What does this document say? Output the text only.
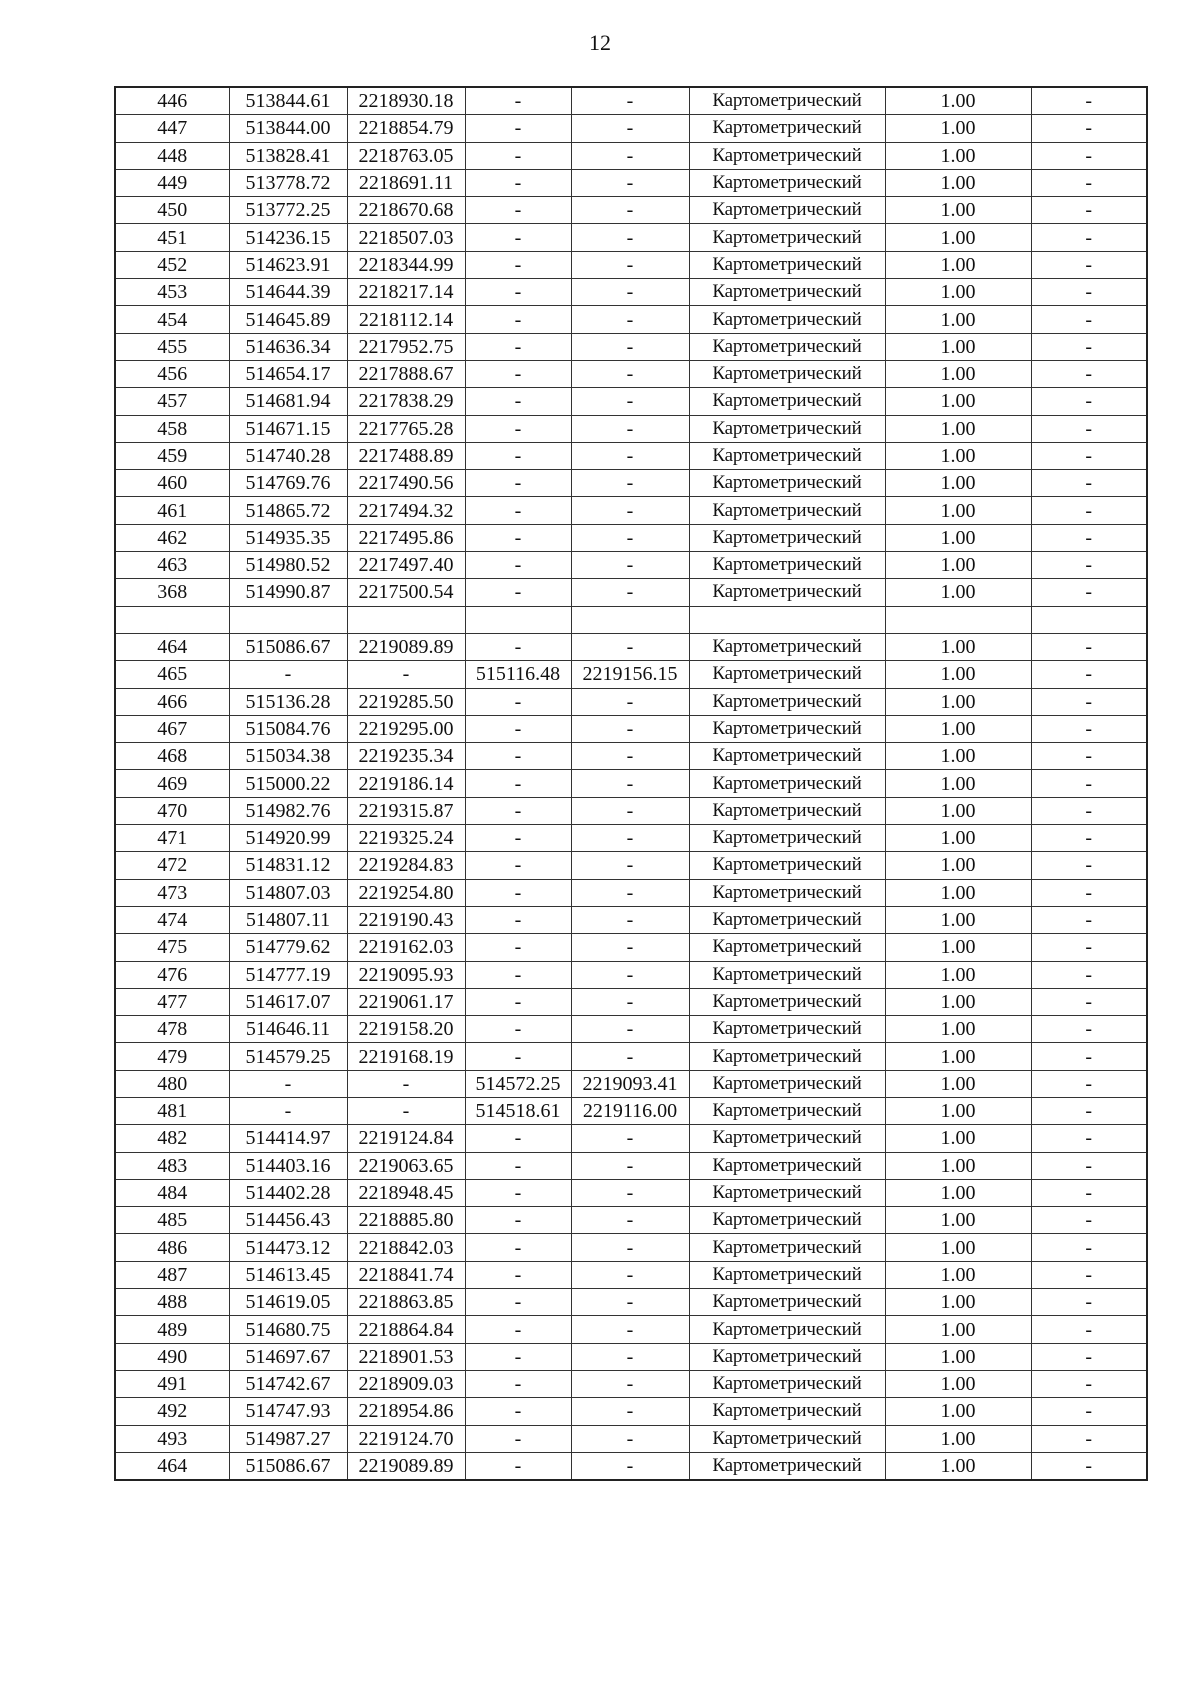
12
446	513844.61	2218930.18	-	-	Картометрический	1.00	-
447	513844.00	2218854.79	-	-	Картометрический	1.00	-
448	513828.41	2218763.05	-	-	Картометрический	1.00	-
449	513778.72	2218691.11	-	-	Картометрический	1.00	-
450	513772.25	2218670.68	-	-	Картометрический	1.00	-
451	514236.15	2218507.03	-	-	Картометрический	1.00	-
452	514623.91	2218344.99	-	-	Картометрический	1.00	-
453	514644.39	2218217.14	-	-	Картометрический	1.00	-
454	514645.89	2218112.14	-	-	Картометрический	1.00	-
455	514636.34	2217952.75	-	-	Картометрический	1.00	-
456	514654.17	2217888.67	-	-	Картометрический	1.00	-
457	514681.94	2217838.29	-	-	Картометрический	1.00	-
458	514671.15	2217765.28	-	-	Картометрический	1.00	-
459	514740.28	2217488.89	-	-	Картометрический	1.00	-
460	514769.76	2217490.56	-	-	Картометрический	1.00	-
461	514865.72	2217494.32	-	-	Картометрический	1.00	-
462	514935.35	2217495.86	-	-	Картометрический	1.00	-
463	514980.52	2217497.40	-	-	Картометрический	1.00	-
368	514990.87	2217500.54	-	-	Картометрический	1.00	-

464	515086.67	2219089.89	-	-	Картометрический	1.00	-
465	-	-	515116.48	2219156.15	Картометрический	1.00	-
466	515136.28	2219285.50	-	-	Картометрический	1.00	-
467	515084.76	2219295.00	-	-	Картометрический	1.00	-
468	515034.38	2219235.34	-	-	Картометрический	1.00	-
469	515000.22	2219186.14	-	-	Картометрический	1.00	-
470	514982.76	2219315.87	-	-	Картометрический	1.00	-
471	514920.99	2219325.24	-	-	Картометрический	1.00	-
472	514831.12	2219284.83	-	-	Картометрический	1.00	-
473	514807.03	2219254.80	-	-	Картометрический	1.00	-
474	514807.11	2219190.43	-	-	Картометрический	1.00	-
475	514779.62	2219162.03	-	-	Картометрический	1.00	-
476	514777.19	2219095.93	-	-	Картометрический	1.00	-
477	514617.07	2219061.17	-	-	Картометрический	1.00	-
478	514646.11	2219158.20	-	-	Картометрический	1.00	-
479	514579.25	2219168.19	-	-	Картометрический	1.00	-
480	-	-	514572.25	2219093.41	Картометрический	1.00	-
481	-	-	514518.61	2219116.00	Картометрический	1.00	-
482	514414.97	2219124.84	-	-	Картометрический	1.00	-
483	514403.16	2219063.65	-	-	Картометрический	1.00	-
484	514402.28	2218948.45	-	-	Картометрический	1.00	-
485	514456.43	2218885.80	-	-	Картометрический	1.00	-
486	514473.12	2218842.03	-	-	Картометрический	1.00	-
487	514613.45	2218841.74	-	-	Картометрический	1.00	-
488	514619.05	2218863.85	-	-	Картометрический	1.00	-
489	514680.75	2218864.84	-	-	Картометрический	1.00	-
490	514697.67	2218901.53	-	-	Картометрический	1.00	-
491	514742.67	2218909.03	-	-	Картометрический	1.00	-
492	514747.93	2218954.86	-	-	Картометрический	1.00	-
493	514987.27	2219124.70	-	-	Картометрический	1.00	-
464	515086.67	2219089.89	-	-	Картометрический	1.00	-
